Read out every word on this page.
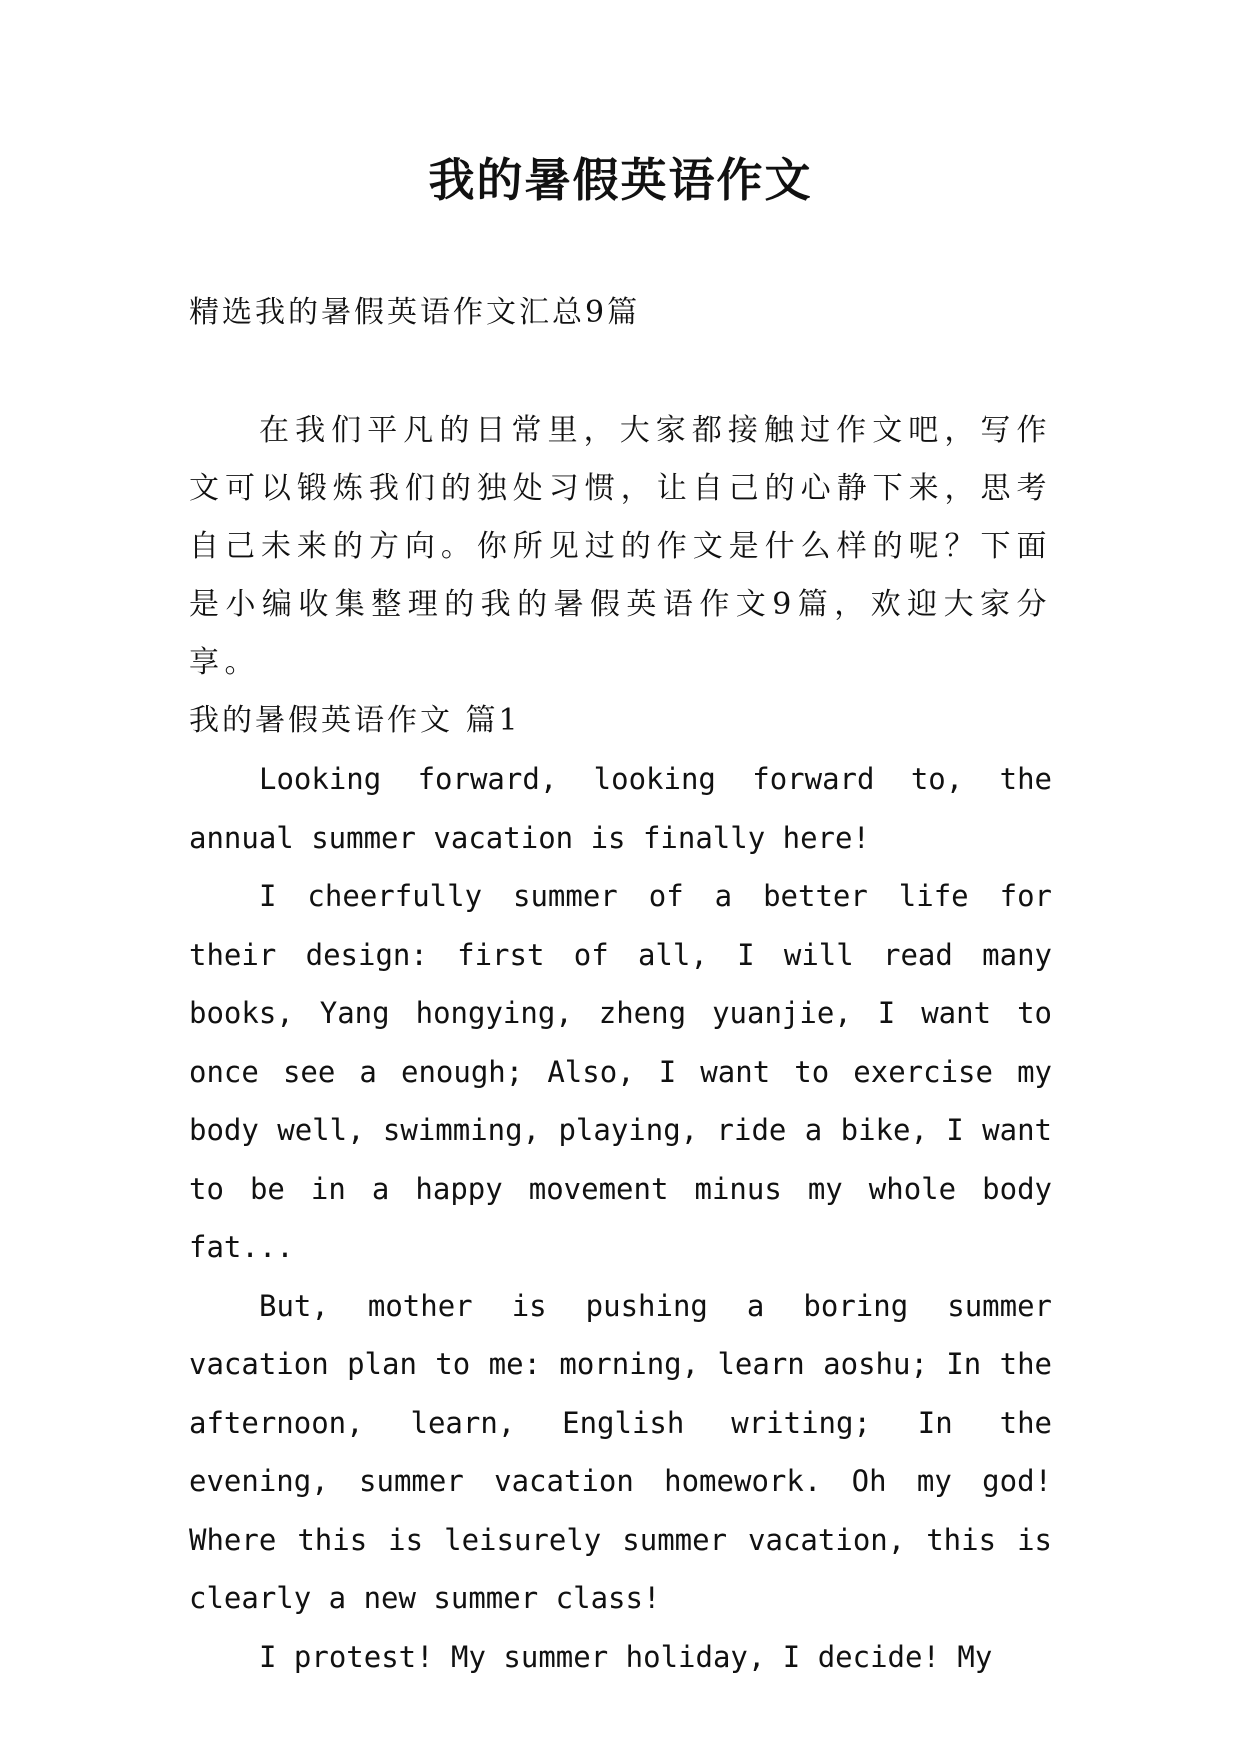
我的暑假英语作文
精选我的暑假英语作文汇总9篇

在我们平凡的日常里，大家都接触过作文吧，写作文可以锻炼我们的独处习惯，让自己的心静下来，思考自己未来的方向。你所见过的作文是什么样的呢？下面是小编收集整理的我的暑假英语作文9篇，欢迎大家分享。

我的暑假英语作文 篇1

Looking forward, looking forward to, the annual summer vacation is finally here!

I cheerfully summer of a better life for their design: first of all, I will read many books, Yang hongying, zheng yuanjie, I want to once see a enough; Also, I want to exercise my body well, swimming, playing, ride a bike, I want to be in a happy movement minus my whole body fat...

But, mother is pushing a boring summer vacation plan to me: morning, learn aoshu; In the afternoon, learn, English writing; In the evening, summer vacation homework. Oh my god! Where this is leisurely summer vacation, this is clearly a new summer class!

I protest! My summer holiday, I decide! My
